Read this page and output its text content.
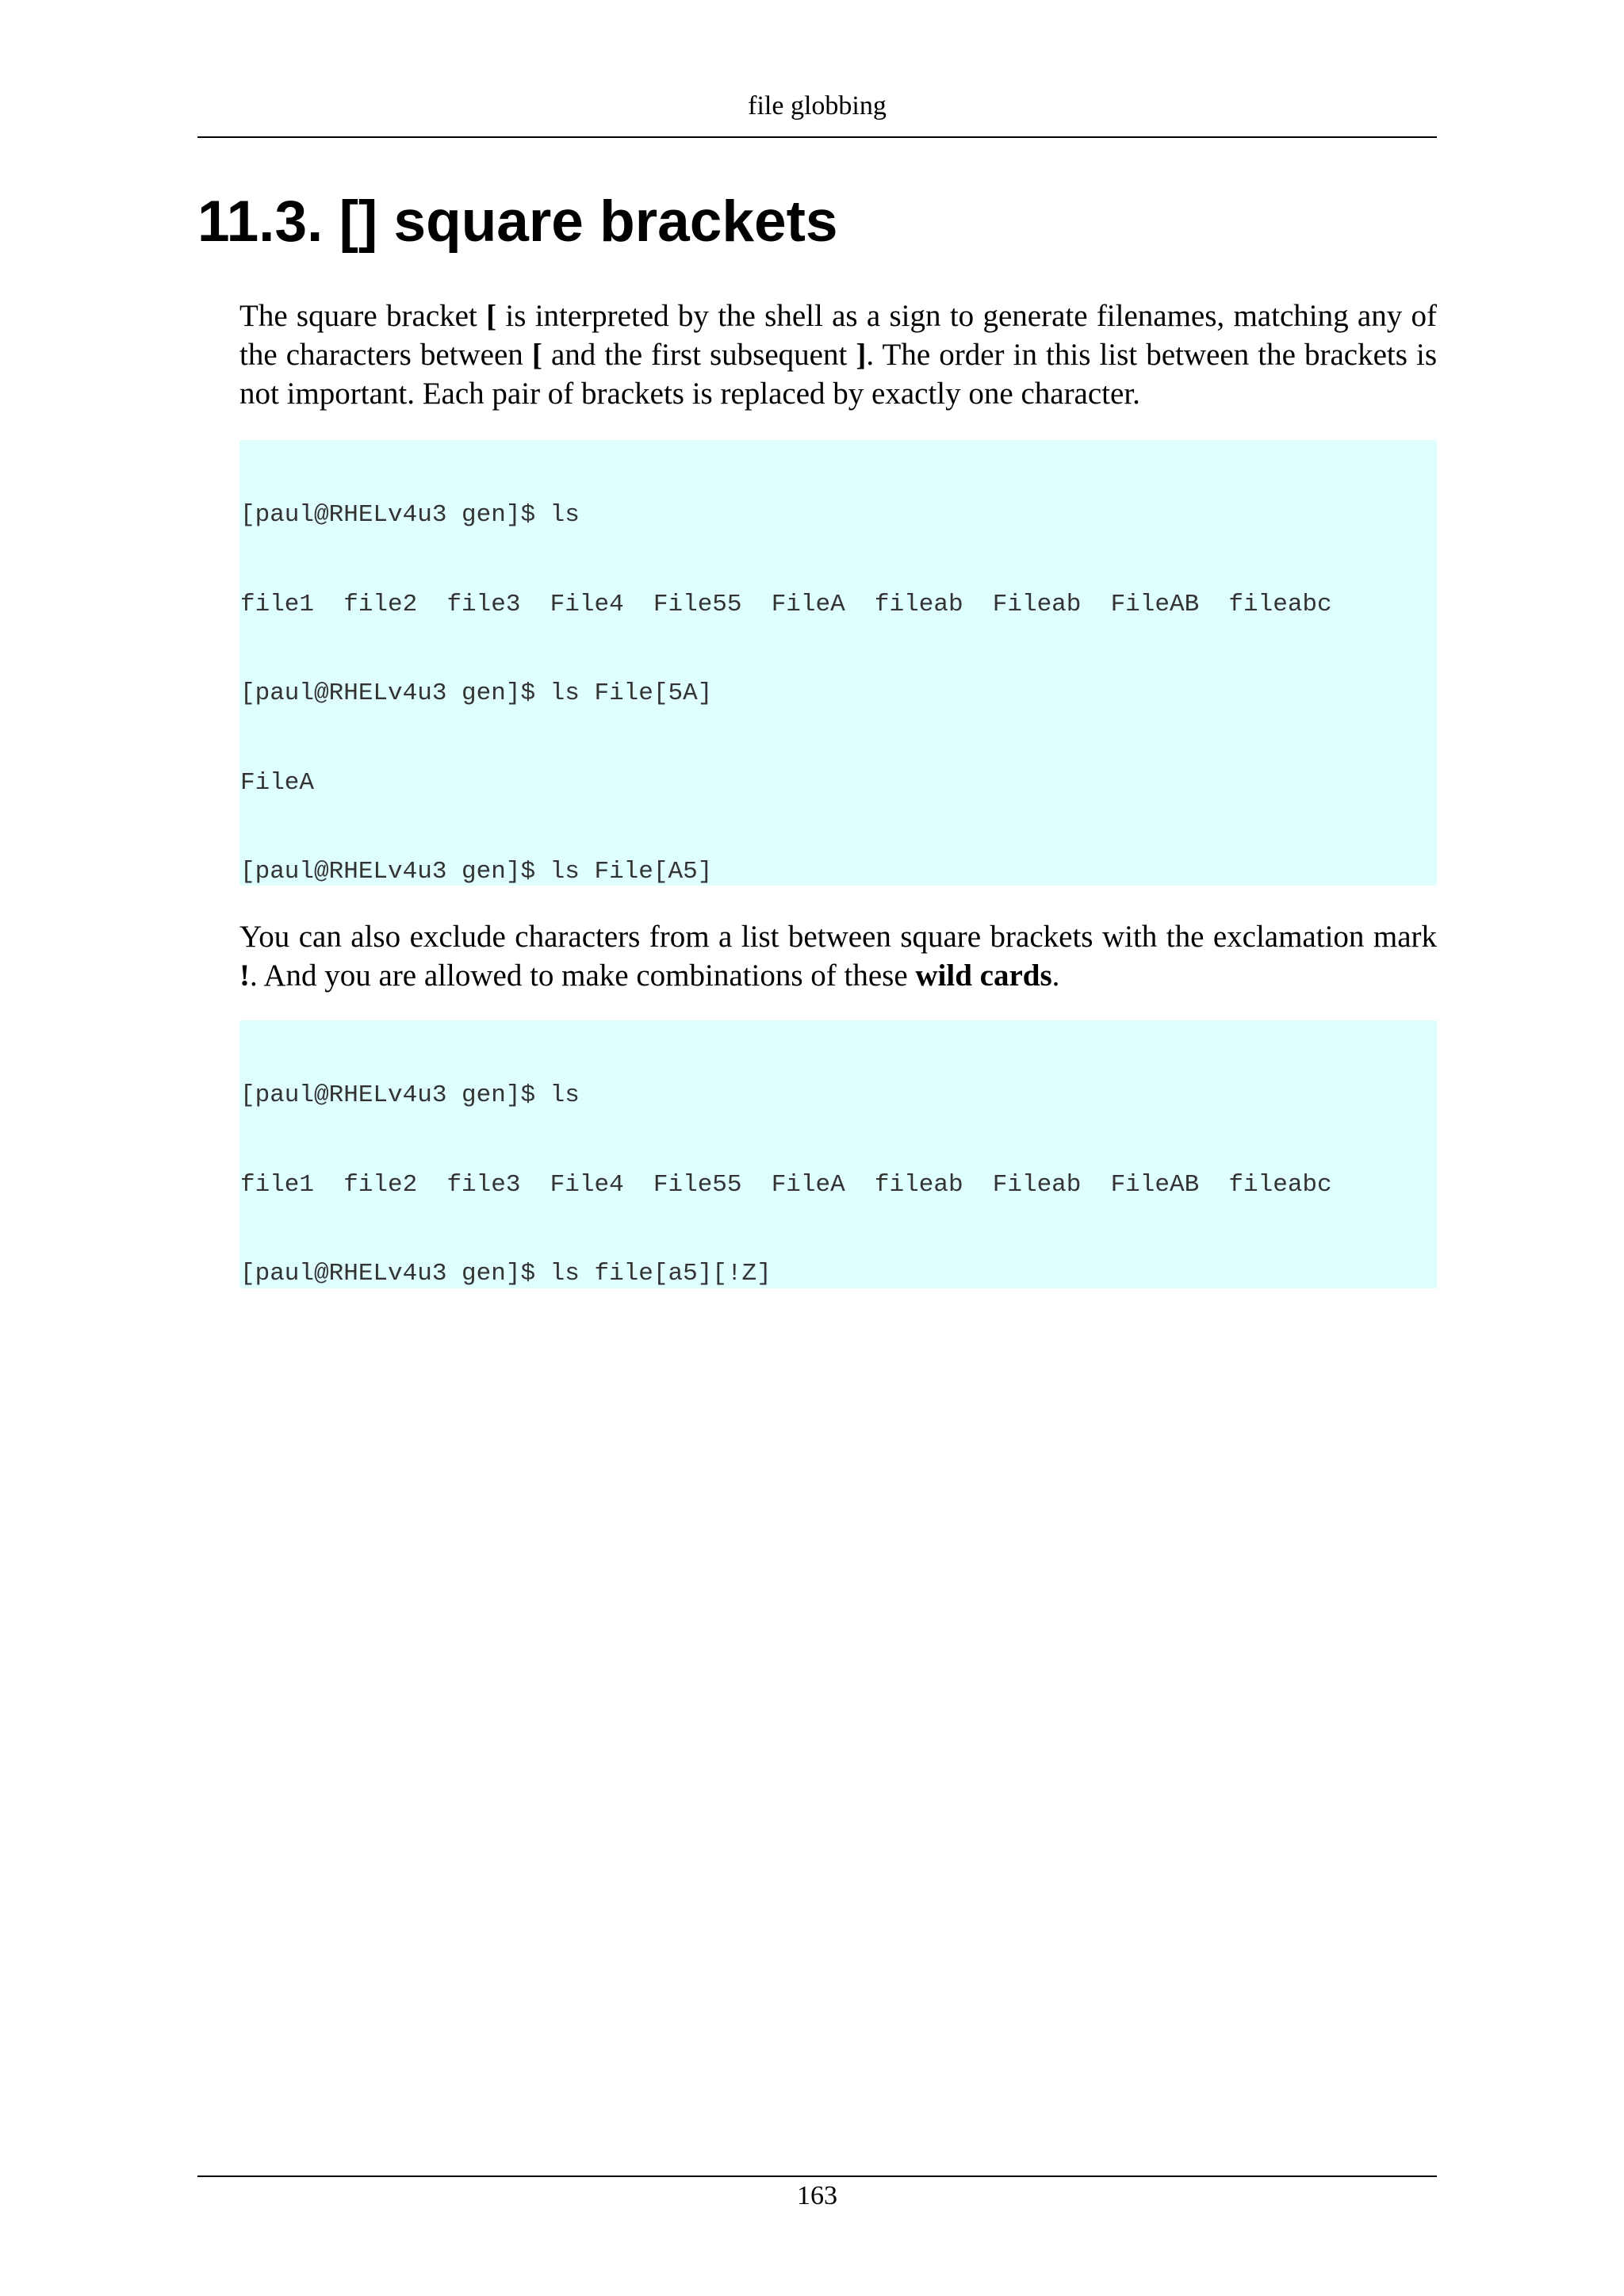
file globbing
11.3. [] square brackets

The square bracket [ is interpreted by the shell as a sign to generate filenames, matching any of the characters between [ and the first subsequent ]. The order in this list between the brackets is not important. Each pair of brackets is replaced by exactly one character.

[paul@RHELv4u3 gen]$ ls

file1  file2  file3  File4  File55  FileA  fileab  Fileab  FileAB  fileabc

[paul@RHELv4u3 gen]$ ls File[5A]

FileA

[paul@RHELv4u3 gen]$ ls File[A5]

You can also exclude characters from a list between square brackets with the exclamation mark !. And you are allowed to make combinations of these wild cards.

[paul@RHELv4u3 gen]$ ls

file1  file2  file3  File4  File55  FileA  fileab  Fileab  FileAB  fileabc

[paul@RHELv4u3 gen]$ ls file[a5][!Z]

163
